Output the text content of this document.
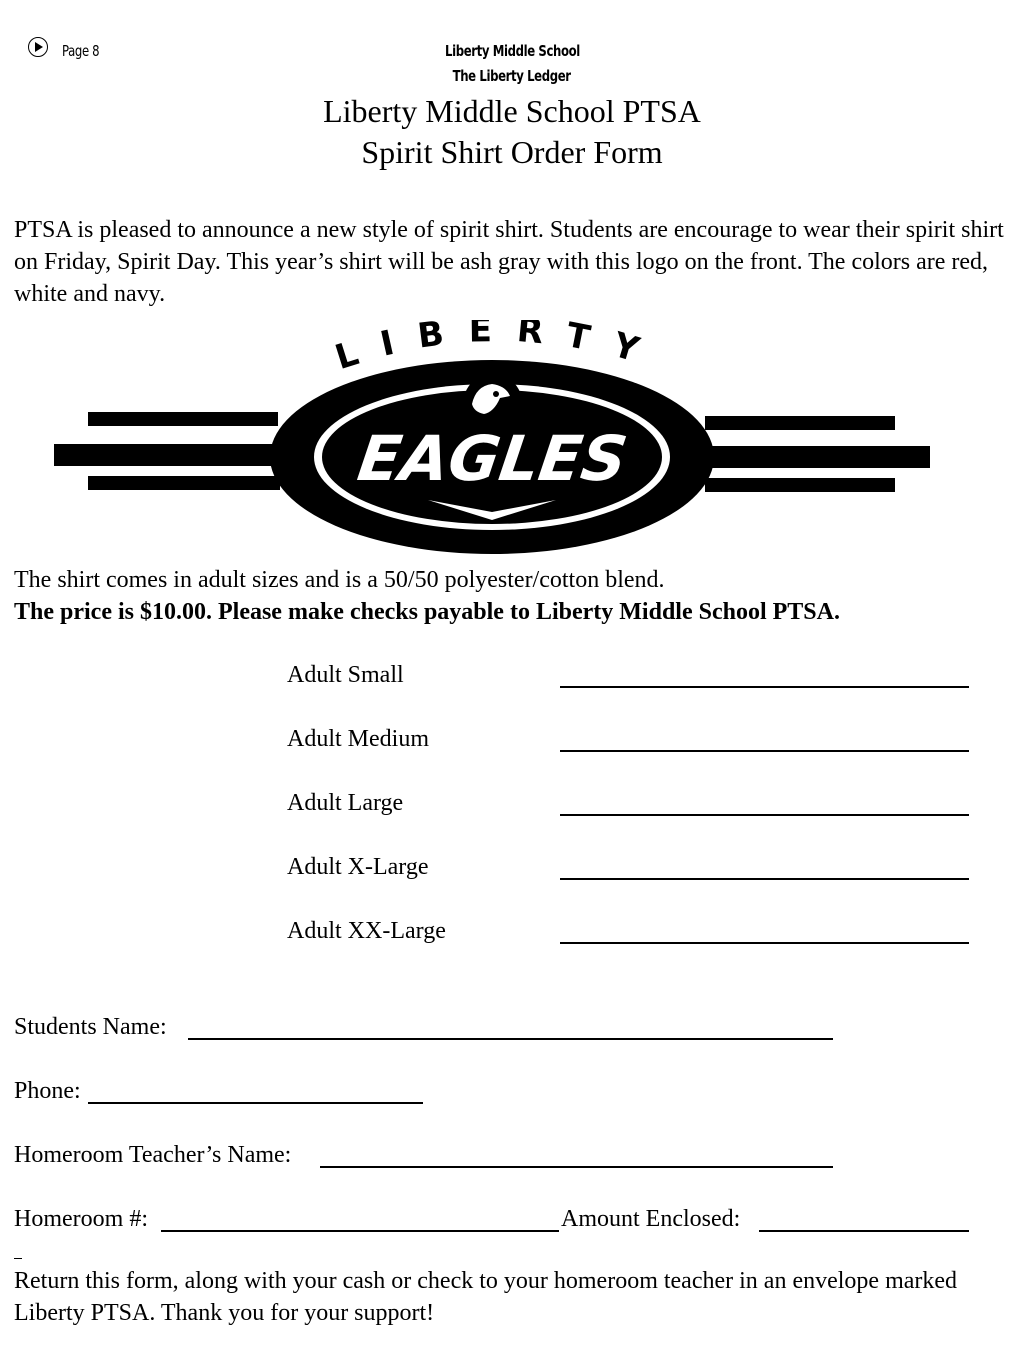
Page 8	Liberty Middle School
The Liberty Ledger
Liberty Middle School PTSA
Spirit Shirt Order Form
PTSA is pleased to announce a new style of spirit shirt. Students are encourage to wear their spirit shirt on Friday, Spirit Day. This year’s shirt will be ash gray with this logo on the front. The colors are red, white and navy.
LIBERTY
EAGLES
The shirt comes in adult sizes and is a 50/50 polyester/cotton blend.
The price is $10.00. Please make checks payable to Liberty Middle School PTSA.
Adult Small
Adult Medium
Adult Large
Adult X-Large
Adult XX-Large
Students Name:
Phone:
Homeroom Teacher’s Name:
Homeroom #:	Amount Enclosed:
Return this form, along with your cash or check to your homeroom teacher in an envelope marked Liberty PTSA. Thank you for your support!
